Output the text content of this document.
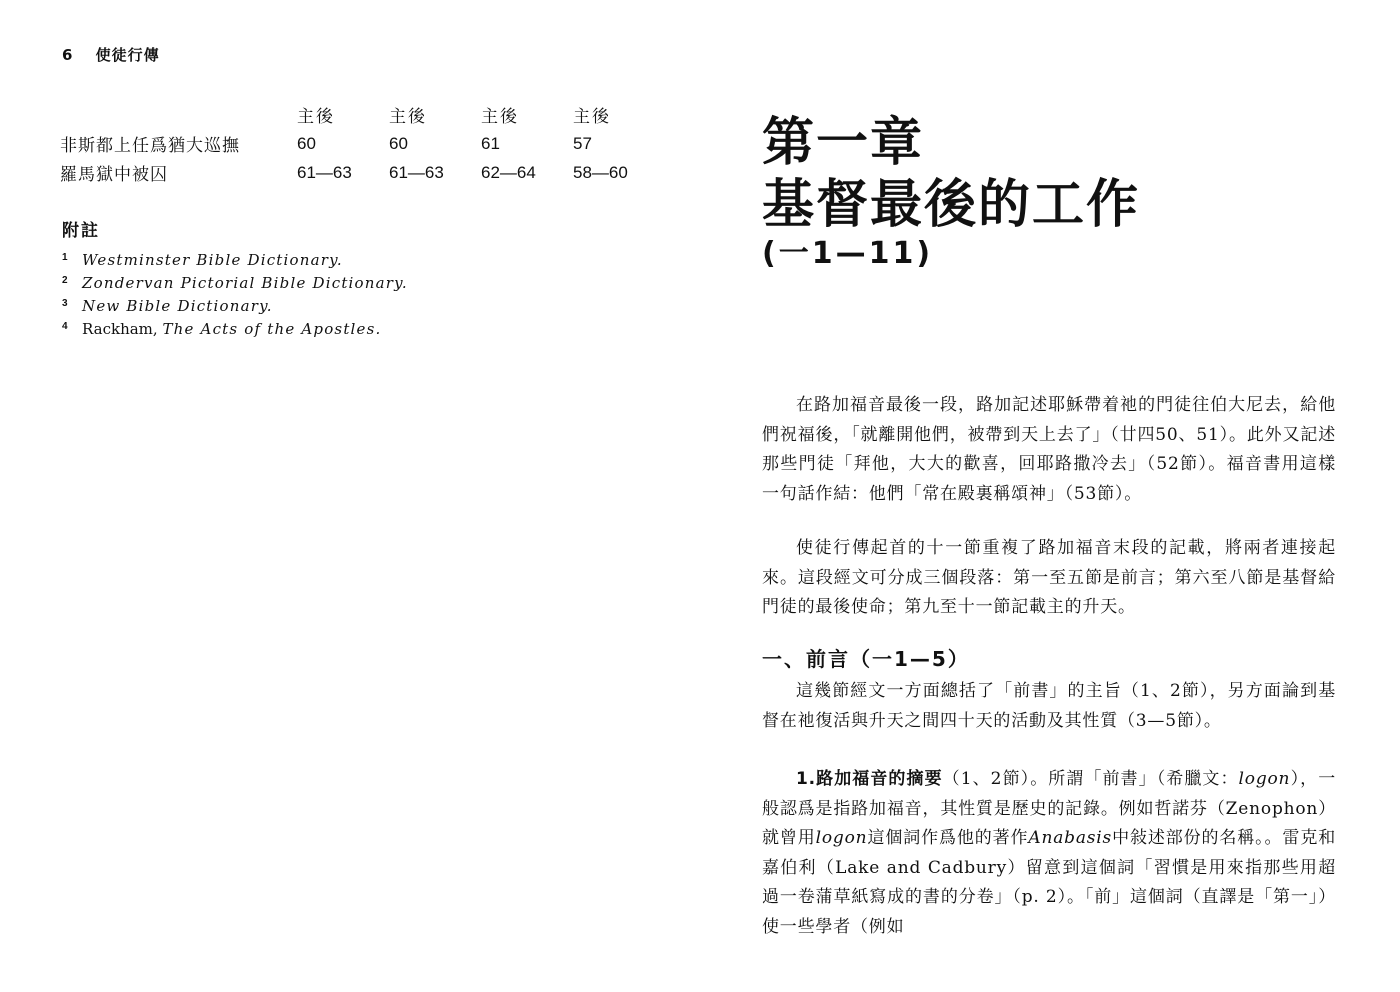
6 使徒行傳
	主後	主後	主後	主後
非斯都上任爲猶大巡撫	60	60	61	57
羅馬獄中被囚	61—63	61—63	62—64	58—60
附註
$^1$ Westminster Bible Dictionary.
$^2$ Zondervan Pictorial Bible Dictionary.
$^3$ New Bible Dictionary.
$^4$ Rackham, The Acts of the Apostles.
第一章
基督最後的工作
(一1—11)

在路加福音最後一段，路加記述耶穌帶着祂的門徒往伯大尼去，給他們祝福後，「就離開他們，被帶到天上去了」（廿四50、51）。此外又記述那些門徒「拜他，大大的歡喜，回耶路撒冷去」（52節）。福音書用這樣一句話作結：他們「常在殿裏稱頌神」（53節）。

使徒行傳起首的十一節重複了路加福音末段的記載，將兩者連接起來。這段經文可分成三個段落：第一至五節是前言；第六至八節是基督給門徒的最後使命；第九至十一節記載主的升天。

一、前言（一1—5）

這幾節經文一方面總括了「前書」的主旨（1、2節），另方面論到基督在祂復活與升天之間四十天的活動及其性質（3—5節）。

1.路加福音的摘要（1、2節）。所謂「前書」（希臘文：logon），一般認爲是指路加福音，其性質是歷史的記錄。例如哲諾芬（Zenophon）就曾用logon這個詞作爲他的著作Anabasis中敍述部份的名稱。。雷克和嘉伯利（Lake and Cadbury）留意到這個詞「習慣是用來指那些用超過一卷蒲草紙寫成的書的分卷」（p. 2）。「前」這個詞（直譯是「第一」）使一些學者（例如
